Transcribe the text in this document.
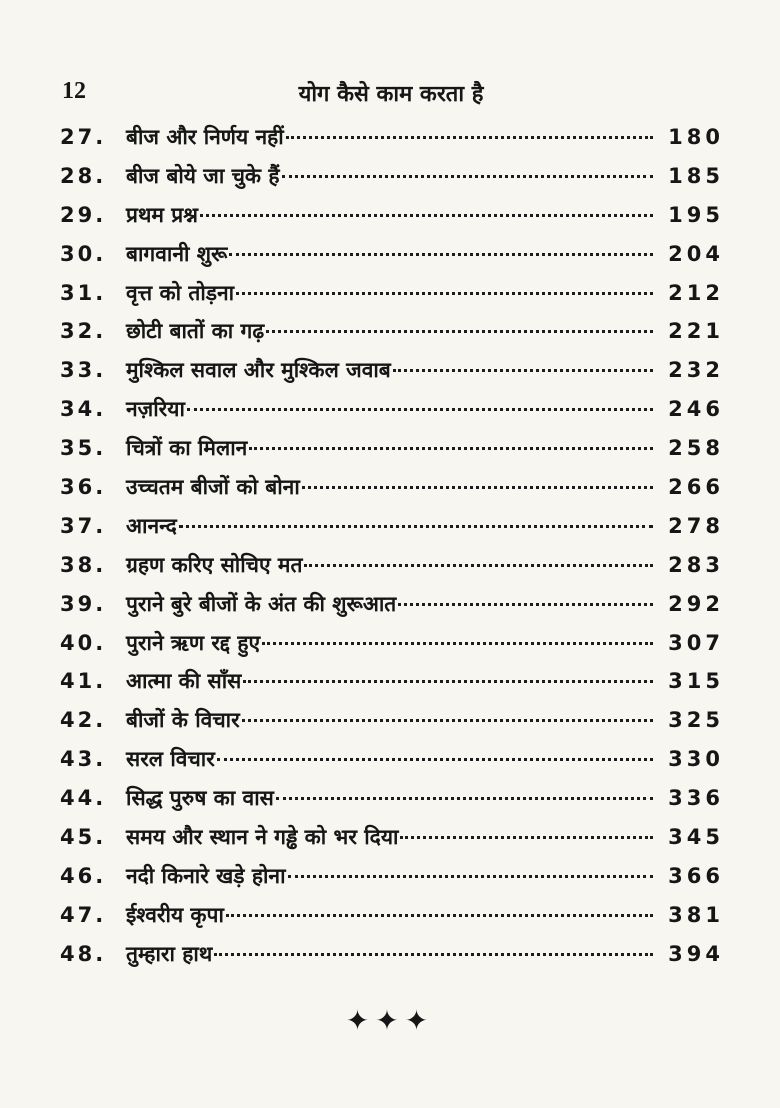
12	योग कैसे काम करता है
27. बीज और निर्णय नहीं	180
28. बीज बोये जा चुके हैं	185
29. प्रथम प्रश्न	195
30. बागवानी शुरू	204
31. वृत्त को तोड़ना	212
32. छोटी बातों का गढ़	221
33. मुश्किल सवाल और मुश्किल जवाब	232
34. नज़रिया	246
35. चित्रों का मिलान	258
36. उच्चतम बीजों को बोना	266
37. आनन्द	278
38. ग्रहण करिए सोचिए मत	283
39. पुराने बुरे बीजों के अंत की शुरूआत	292
40. पुराने ऋण रद्द हुए	307
41. आत्मा की साँस	315
42. बीजों के विचार	325
43. सरल विचार	330
44. सिद्ध पुरुष का वास	336
45. समय और स्थान ने गड्ढे को भर दिया	345
46. नदी किनारे खड़े होना	366
47. ईश्वरीय कृपा	381
48. तुम्हारा हाथ	394
✦✦✦
